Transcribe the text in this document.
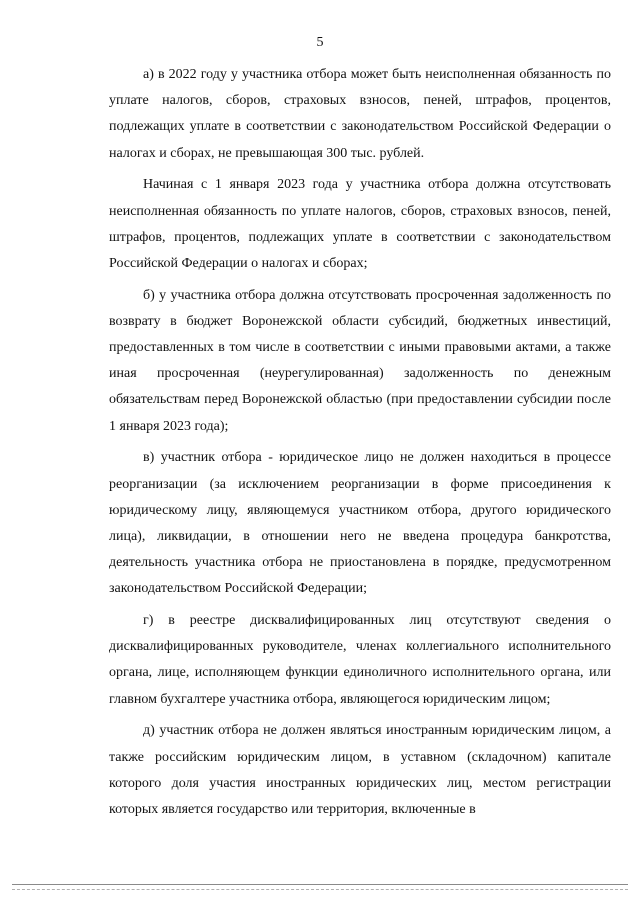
5

а) в 2022 году у участника отбора может быть неисполненная обязанность по уплате налогов, сборов, страховых взносов, пеней, штрафов, процентов, подлежащих уплате в соответствии с законодательством Российской Федерации о налогах и сборах, не превышающая 300 тыс. рублей.

Начиная с 1 января 2023 года у участника отбора должна отсутствовать неисполненная обязанность по уплате налогов, сборов, страховых взносов, пеней, штрафов, процентов, подлежащих уплате в соответствии с законодательством Российской Федерации о налогах и сборах;

б) у участника отбора должна отсутствовать просроченная задолженность по возврату в бюджет Воронежской области субсидий, бюджетных инвестиций, предоставленных в том числе в соответствии с иными правовыми актами, а также иная просроченная (неурегулированная) задолженность по денежным обязательствам перед Воронежской областью (при предоставлении субсидии после 1 января 2023 года);

в) участник отбора - юридическое лицо не должен находиться в процессе реорганизации (за исключением реорганизации в форме присоединения к юридическому лицу, являющемуся участником отбора, другого юридического лица), ликвидации, в отношении него не введена процедура банкротства, деятельность участника отбора не приостановлена в порядке, предусмотренном законодательством Российской Федерации;

г) в реестре дисквалифицированных лиц отсутствуют сведения о дисквалифицированных руководителе, членах коллегиального исполнительного органа, лице, исполняющем функции единоличного исполнительного органа, или главном бухгалтере участника отбора, являющегося юридическим лицом;

д) участник отбора не должен являться иностранным юридическим лицом, а также российским юридическим лицом, в уставном (складочном) капитале которого доля участия иностранных юридических лиц, местом регистрации которых является государство или территория, включенные в
